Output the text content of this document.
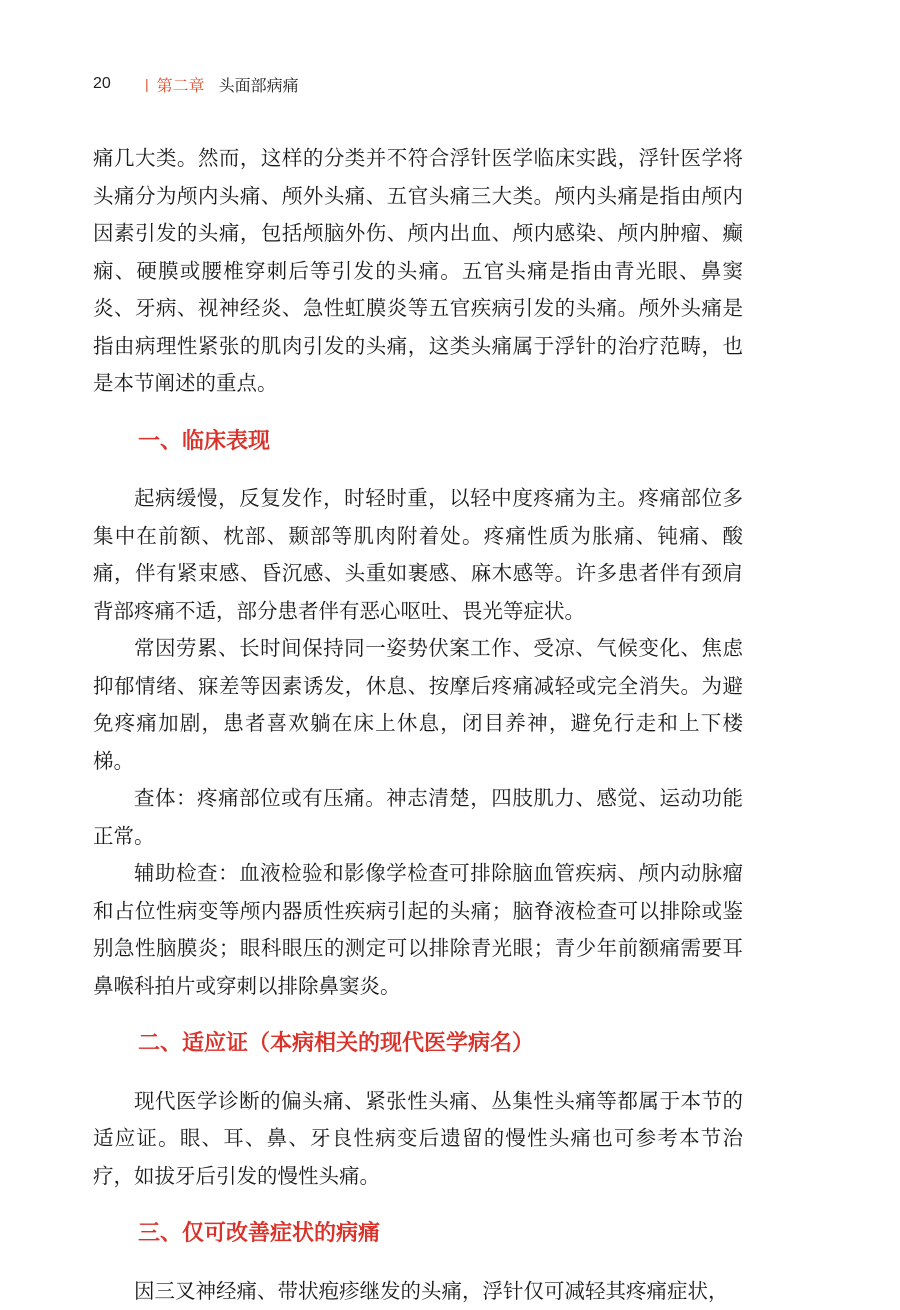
20	| 第二章 头面部病痛

痛几大类。然而，这样的分类并不符合浮针医学临床实践，浮针医学将头痛分为颅内头痛、颅外头痛、五官头痛三大类。颅内头痛是指由颅内因素引发的头痛，包括颅脑外伤、颅内出血、颅内感染、颅内肿瘤、癫痫、硬膜或腰椎穿刺后等引发的头痛。五官头痛是指由青光眼、鼻窦炎、牙病、视神经炎、急性虹膜炎等五官疾病引发的头痛。颅外头痛是指由病理性紧张的肌肉引发的头痛，这类头痛属于浮针的治疗范畴，也是本节阐述的重点。

一、临床表现

起病缓慢，反复发作，时轻时重，以轻中度疼痛为主。疼痛部位多集中在前额、枕部、颞部等肌肉附着处。疼痛性质为胀痛、钝痛、酸痛，伴有紧束感、昏沉感、头重如裹感、麻木感等。许多患者伴有颈肩背部疼痛不适，部分患者伴有恶心呕吐、畏光等症状。

常因劳累、长时间保持同一姿势伏案工作、受凉、气候变化、焦虑抑郁情绪、寐差等因素诱发，休息、按摩后疼痛减轻或完全消失。为避免疼痛加剧，患者喜欢躺在床上休息，闭目养神，避免行走和上下楼梯。

查体：疼痛部位或有压痛。神志清楚，四肢肌力、感觉、运动功能正常。

辅助检查：血液检验和影像学检查可排除脑血管疾病、颅内动脉瘤和占位性病变等颅内器质性疾病引起的头痛；脑脊液检查可以排除或鉴别急性脑膜炎；眼科眼压的测定可以排除青光眼；青少年前额痛需要耳鼻喉科拍片或穿刺以排除鼻窦炎。

二、适应证（本病相关的现代医学病名）

现代医学诊断的偏头痛、紧张性头痛、丛集性头痛等都属于本节的适应证。眼、耳、鼻、牙良性病变后遗留的慢性头痛也可参考本节治疗，如拔牙后引发的慢性头痛。

三、仅可改善症状的病痛

因三叉神经痛、带状疱疹继发的头痛，浮针仅可减轻其疼痛症状，
